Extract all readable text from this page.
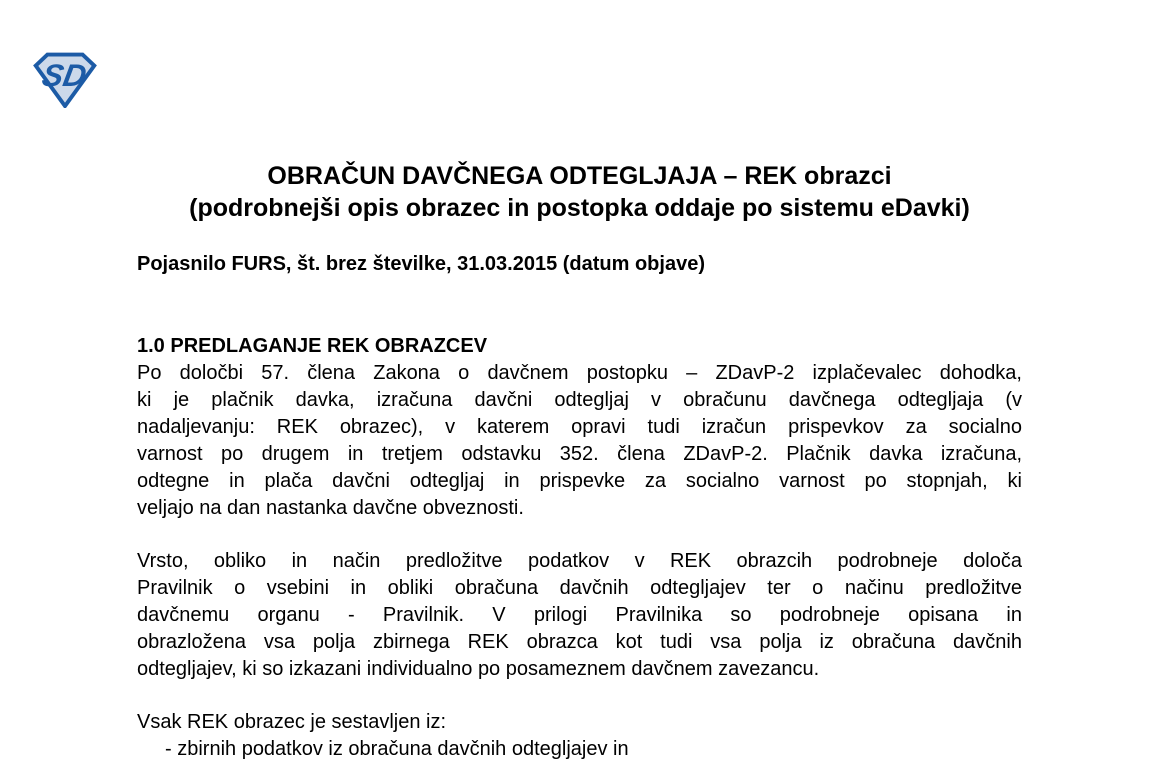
SD
OBRAČUN DAVČNEGA ODTEGLJAJA – REK obrazci
(podrobnejši opis obrazec in postopka oddaje po sistemu eDavki)
Pojasnilo FURS, št. brez številke, 31.03.2015 (datum objave)
1.0 PREDLAGANJE REK OBRAZCEV
Po določbi 57. člena Zakona o davčnem postopku – ZDavP-2 izplačevalec dohodka,
ki je plačnik davka, izračuna davčni odtegljaj v obračunu davčnega odtegljaja (v
nadaljevanju: REK obrazec), v katerem opravi tudi izračun prispevkov za socialno
varnost po drugem in tretjem odstavku 352. člena ZDavP-2. Plačnik davka izračuna,
odtegne in plača davčni odtegljaj in prispevke za socialno varnost po stopnjah, ki
veljajo na dan nastanka davčne obveznosti.
Vrsto, obliko in način predložitve podatkov v REK obrazcih podrobneje določa
Pravilnik o vsebini in obliki obračuna davčnih odtegljajev ter o načinu predložitve
davčnemu organu - Pravilnik. V prilogi Pravilnika so podrobneje opisana in
obrazložena vsa polja zbirnega REK obrazca kot tudi vsa polja iz obračuna davčnih
odtegljajev, ki so izkazani individualno po posameznem davčnem zavezancu.
Vsak REK obrazec je sestavljen iz:
- zbirnih podatkov iz obračuna davčnih odtegljajev in
